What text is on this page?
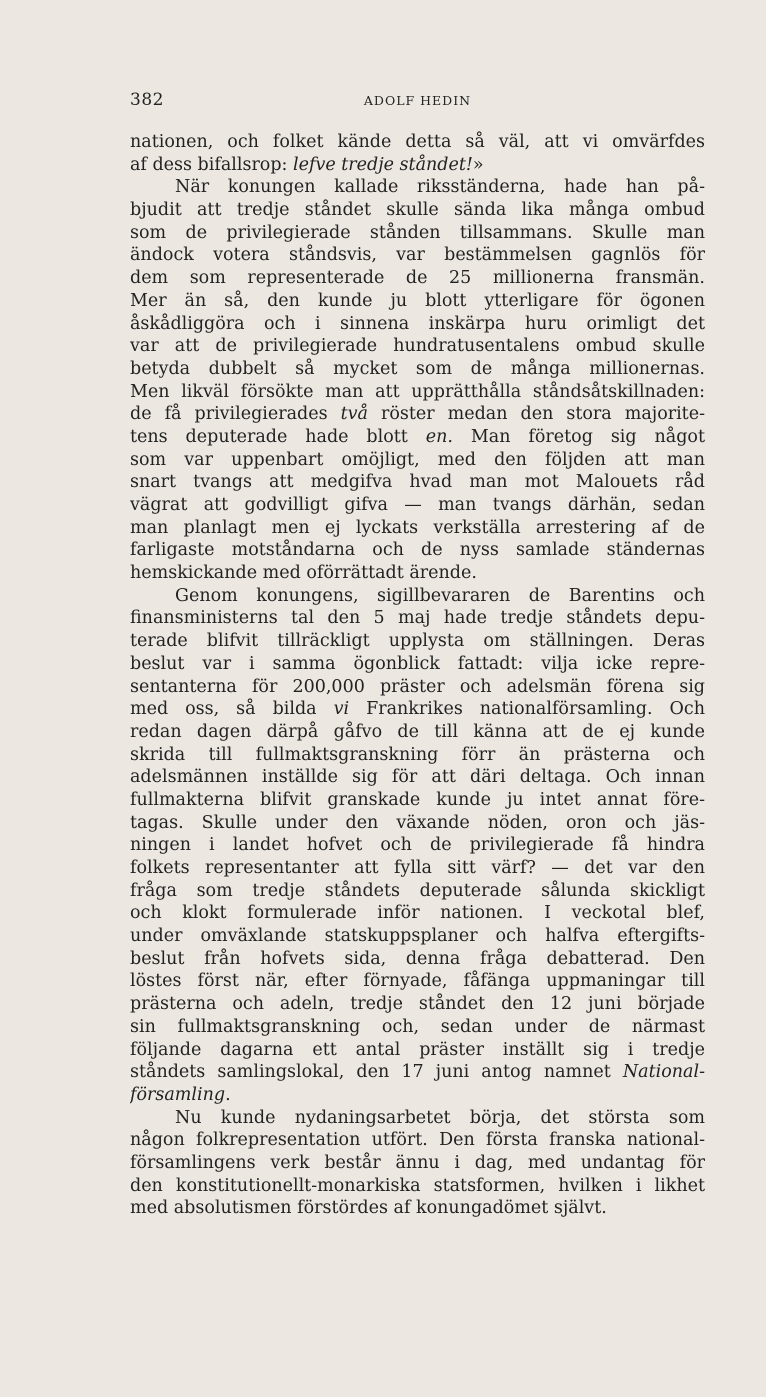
382	ADOLF HEDIN
nationen, och folket kände detta så väl, att vi omvärfdes
af dess bifallsrop: lefve tredje ståndet!»
När konungen kallade riksständerna, hade han på-
bjudit att tredje ståndet skulle sända lika många ombud
som de privilegierade stånden tillsammans. Skulle man
ändock votera ståndsvis, var bestämmelsen gagnlös för
dem som representerade de 25 millionerna fransmän.
Mer än så, den kunde ju blott ytterligare för ögonen
åskådliggöra och i sinnena inskärpa huru orimligt det
var att de privilegierade hundratusentalens ombud skulle
betyda dubbelt så mycket som de många millionernas.
Men likväl försökte man att upprätthålla ståndsåtskillnaden:
de få privilegierades två röster medan den stora majorite-
tens deputerade hade blott en. Man företog sig något
som var uppenbart omöjligt, med den följden att man
snart tvangs att medgifva hvad man mot Malouets råd
vägrat att godvilligt gifva — man tvangs därhän, sedan
man planlagt men ej lyckats verkställa arrestering af de
farligaste motståndarna och de nyss samlade ständernas
hemskickande med oförrättadt ärende.
Genom konungens, sigillbevararen de Barentins och
finansministerns tal den 5 maj hade tredje ståndets depu-
terade blifvit tillräckligt upplysta om ställningen. Deras
beslut var i samma ögonblick fattadt: vilja icke repre-
sentanterna för 200,000 präster och adelsmän förena sig
med oss, så bilda vi Frankrikes nationalförsamling. Och
redan dagen därpå gåfvo de till känna att de ej kunde
skrida till fullmaktsgranskning förr än prästerna och
adelsmännen inställde sig för att däri deltaga. Och innan
fullmakterna blifvit granskade kunde ju intet annat före-
tagas. Skulle under den växande nöden, oron och jäs-
ningen i landet hofvet och de privilegierade få hindra
folkets representanter att fylla sitt värf? — det var den
fråga som tredje ståndets deputerade sålunda skickligt
och klokt formulerade inför nationen. I veckotal blef,
under omväxlande statskuppsplaner och halfva eftergifts-
beslut från hofvets sida, denna fråga debatterad. Den
löstes först när, efter förnyade, fåfänga uppmaningar till
prästerna och adeln, tredje ståndet den 12 juni började
sin fullmaktsgranskning och, sedan under de närmast
följande dagarna ett antal präster inställt sig i tredje
ståndets samlingslokal, den 17 juni antog namnet National-
församling.
Nu kunde nydaningsarbetet börja, det största som
någon folkrepresentation utfört. Den första franska national-
församlingens verk består ännu i dag, med undantag för
den konstitutionellt-monarkiska statsformen, hvilken i likhet
med absolutismen förstördes af konungadömet självt.
